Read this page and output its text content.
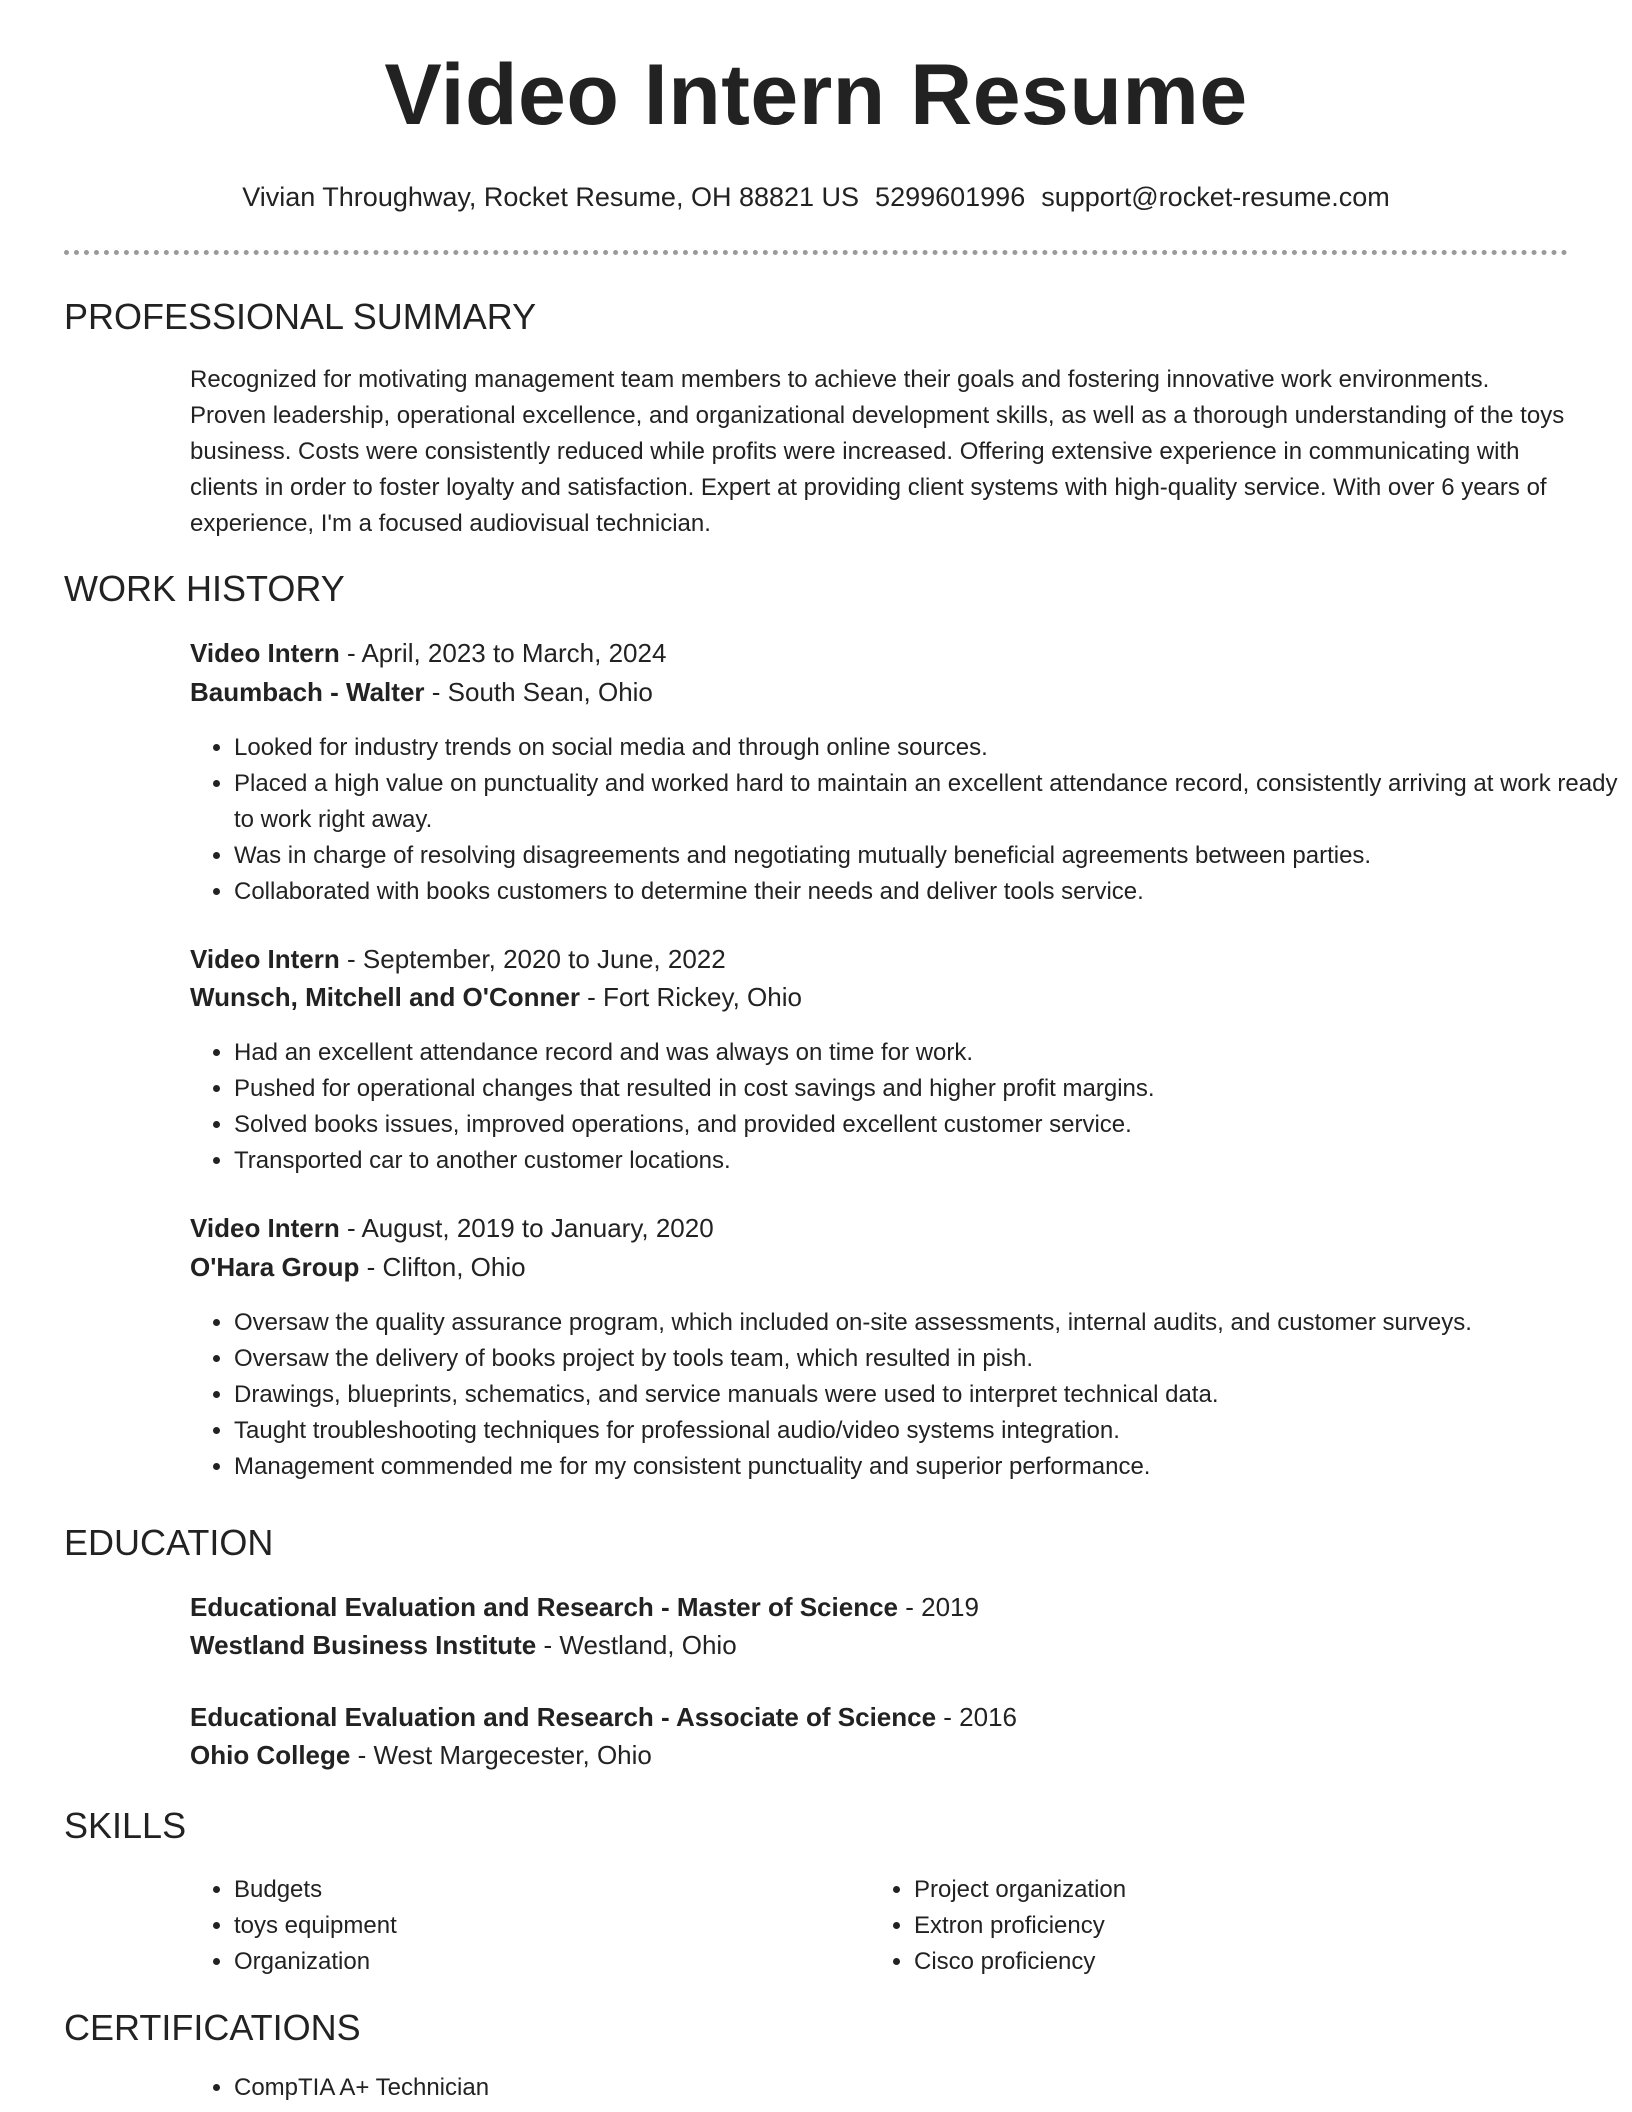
Video Intern Resume
Vivian Throughway, Rocket Resume, OH 88821 US 5299601996 support@rocket-resume.com
PROFESSIONAL SUMMARY

Recognized for motivating management team members to achieve their goals and fostering innovative work environments. Proven leadership, operational excellence, and organizational development skills, as well as a thorough understanding of the toys business. Costs were consistently reduced while profits were increased. Offering extensive experience in communicating with clients in order to foster loyalty and satisfaction. Expert at providing client systems with high-quality service. With over 6 years of experience, I'm a focused audiovisual technician.

WORK HISTORY
Video Intern - April, 2023 to March, 2024
Baumbach - Walter - South Sean, Ohio
• Looked for industry trends on social media and through online sources.
• Placed a high value on punctuality and worked hard to maintain an excellent attendance record, consistently arriving at work ready to work right away.
• Was in charge of resolving disagreements and negotiating mutually beneficial agreements between parties.
• Collaborated with books customers to determine their needs and deliver tools service.
Video Intern - September, 2020 to June, 2022
Wunsch, Mitchell and O'Conner - Fort Rickey, Ohio
• Had an excellent attendance record and was always on time for work.
• Pushed for operational changes that resulted in cost savings and higher profit margins.
• Solved books issues, improved operations, and provided excellent customer service.
• Transported car to another customer locations.
Video Intern - August, 2019 to January, 2020
O'Hara Group - Clifton, Ohio
• Oversaw the quality assurance program, which included on-site assessments, internal audits, and customer surveys.
• Oversaw the delivery of books project by tools team, which resulted in pish.
• Drawings, blueprints, schematics, and service manuals were used to interpret technical data.
• Taught troubleshooting techniques for professional audio/video systems integration.
• Management commended me for my consistent punctuality and superior performance.
EDUCATION
Educational Evaluation and Research - Master of Science - 2019
Westland Business Institute - Westland, Ohio
Educational Evaluation and Research - Associate of Science - 2016
Ohio College - West Margecester, Ohio
SKILLS
• Budgets
• toys equipment
• Organization
• Project organization
• Extron proficiency
• Cisco proficiency
CERTIFICATIONS
• CompTIA A+ Technician
